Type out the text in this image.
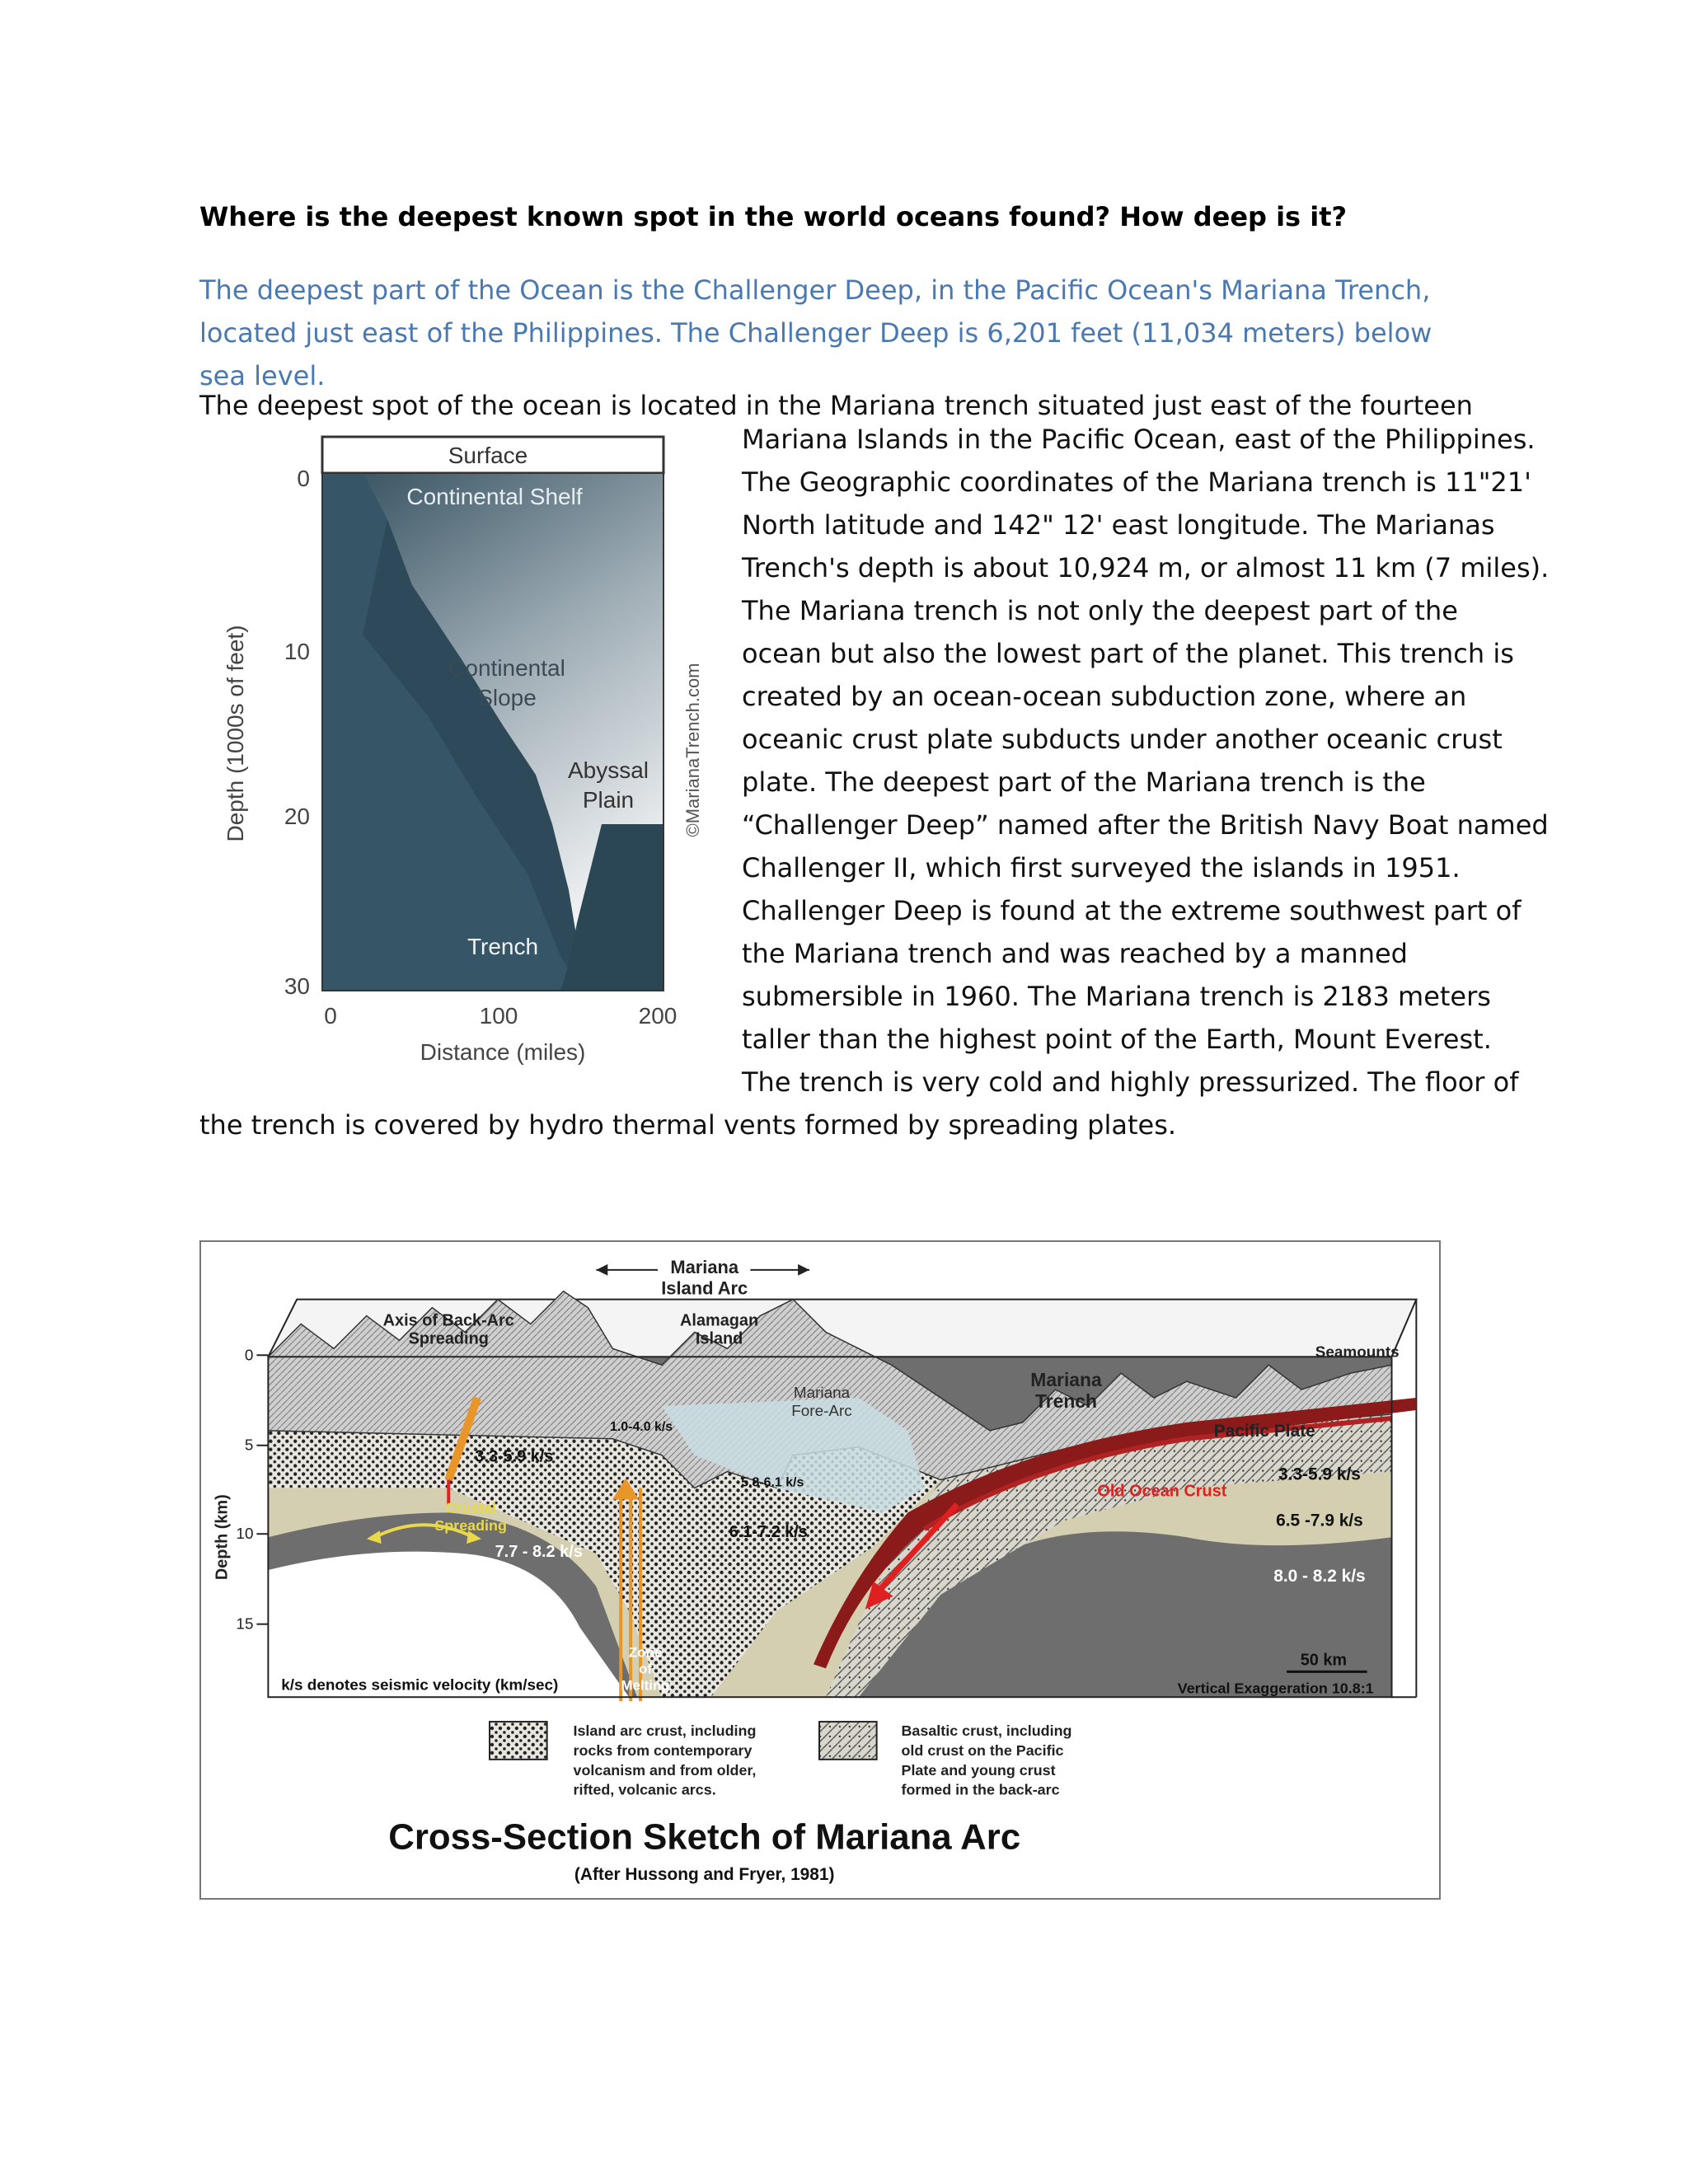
Where is the deepest known spot in the world oceans found? How deep is it?
The deepest part of the Ocean is the Challenger Deep, in the Pacific Ocean's Mariana Trench, located just east of the Philippines. The Challenger Deep is 6,201 feet (11,034 meters) below sea level.
The deepest spot of the ocean is located in the Mariana trench situated just east of the fourteen
Mariana Islands in the Pacific Ocean, east of the Philippines.
The Geographic coordinates of the Mariana trench is 11"21'
North latitude and 142" 12' east longitude. The Marianas
Trench's depth is about 10,924 m, or almost 11 km (7 miles).
The Mariana trench is not only the deepest part of the
ocean but also the lowest part of the planet. This trench is
created by an ocean-ocean subduction zone, where an
oceanic crust plate subducts under another oceanic crust
plate. The deepest part of the Mariana trench is the
“Challenger Deep” named after the British Navy Boat named
Challenger II, which first surveyed the islands in 1951.
Challenger Deep is found at the extreme southwest part of
the Mariana trench and was reached by a manned
submersible in 1960. The Mariana trench is 2183 meters
taller than the highest point of the Earth, Mount Everest.
The trench is very cold and highly pressurized. The floor of
the trench is covered by hydro thermal vents formed by spreading plates.
Surface
Continental Shelf
Continental
Slope
Abyssal
Plain
Trench
0
10
20
30
Depth (1000s of feet)
0	100	200
Distance (miles)
©MarianaTrench.com
Mariana
Island Arc
Axis of Back-Arc
Spreading
Alamagan
Island
Seamounts
Mariana
Fore-Arc
Mariana
Trench
Pacific Plate
Old Ocean Crust
Crustal
Spreading
3.3-5.9 k/s
7.7 - 8.2 k/s
1.0-4.0 k/s
5.8-6.1 k/s
6.1-7.2 k/s
3.3-5.9 k/s
6.5 -7.9 k/s
8.0 - 8.2 k/s
Zone
of
Melting
Depth (km)
0
5
10
15
50 km
k/s denotes seismic velocity (km/sec)	Vertical Exaggeration 10.8:1
Island arc crust, including
rocks from contemporary
volcanism and from older,
rifted, volcanic arcs.
Basaltic crust, including
old crust on the Pacific
Plate and young crust
formed in the back-arc
Cross-Section Sketch of Mariana Arc
(After Hussong and Fryer, 1981)
